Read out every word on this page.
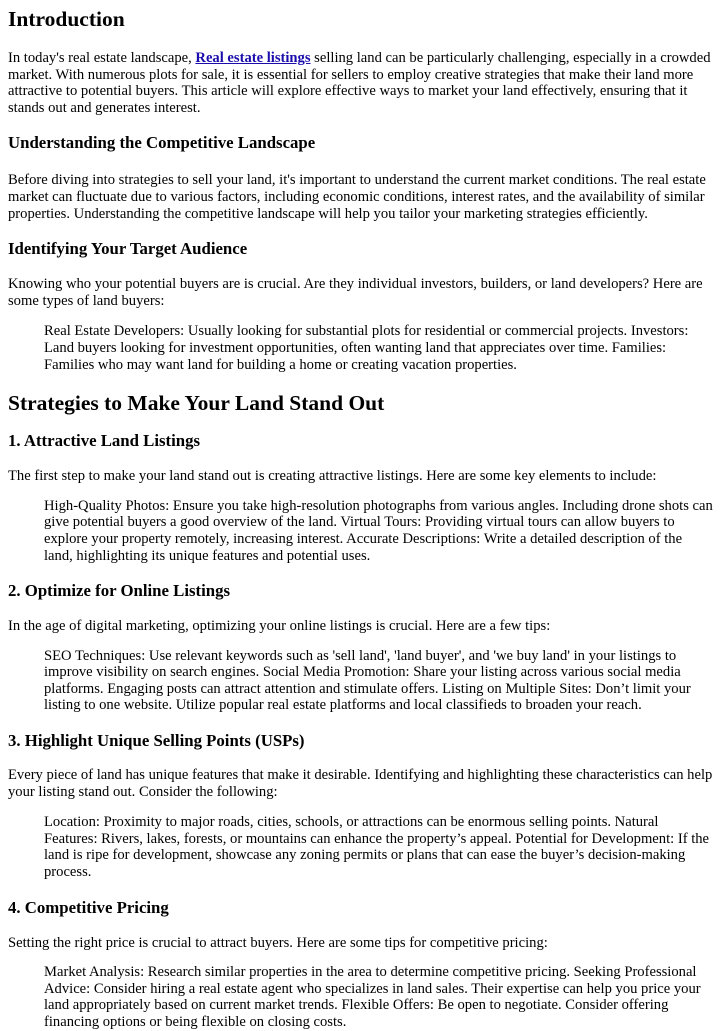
Introduction

In today's real estate landscape, Real estate listings selling land can be particularly challenging, especially in a crowded market. With numerous plots for sale, it is essential for sellers to employ creative strategies that make their land more attractive to potential buyers. This article will explore effective ways to market your land effectively, ensuring that it stands out and generates interest.

Understanding the Competitive Landscape

Before diving into strategies to sell your land, it's important to understand the current market conditions. The real estate market can fluctuate due to various factors, including economic conditions, interest rates, and the availability of similar properties. Understanding the competitive landscape will help you tailor your marketing strategies efficiently.

Identifying Your Target Audience

Knowing who your potential buyers are is crucial. Are they individual investors, builders, or land developers? Here are some types of land buyers:

Real Estate Developers: Usually looking for substantial plots for residential or commercial projects. Investors: Land buyers looking for investment opportunities, often wanting land that appreciates over time. Families: Families who may want land for building a home or creating vacation properties.
Strategies to Make Your Land Stand Out
1. Attractive Land Listings

The first step to make your land stand out is creating attractive listings. Here are some key elements to include:

High-Quality Photos: Ensure you take high-resolution photographs from various angles. Including drone shots can give potential buyers a good overview of the land. Virtual Tours: Providing virtual tours can allow buyers to explore your property remotely, increasing interest. Accurate Descriptions: Write a detailed description of the land, highlighting its unique features and potential uses.
2. Optimize for Online Listings

In the age of digital marketing, optimizing your online listings is crucial. Here are a few tips:

SEO Techniques: Use relevant keywords such as 'sell land', 'land buyer', and 'we buy land' in your listings to improve visibility on search engines. Social Media Promotion: Share your listing across various social media platforms. Engaging posts can attract attention and stimulate offers. Listing on Multiple Sites: Don’t limit your listing to one website. Utilize popular real estate platforms and local classifieds to broaden your reach.
3. Highlight Unique Selling Points (USPs)

Every piece of land has unique features that make it desirable. Identifying and highlighting these characteristics can help your listing stand out. Consider the following:

Location: Proximity to major roads, cities, schools, or attractions can be enormous selling points. Natural Features: Rivers, lakes, forests, or mountains can enhance the property’s appeal. Potential for Development: If the land is ripe for development, showcase any zoning permits or plans that can ease the buyer’s decision-making process.
4. Competitive Pricing

Setting the right price is crucial to attract buyers. Here are some tips for competitive pricing:

Market Analysis: Research similar properties in the area to determine competitive pricing. Seeking Professional Advice: Consider hiring a real estate agent who specializes in land sales. Their expertise can help you price your land appropriately based on current market trends. Flexible Offers: Be open to negotiate. Consider offering financing options or being flexible on closing costs.
